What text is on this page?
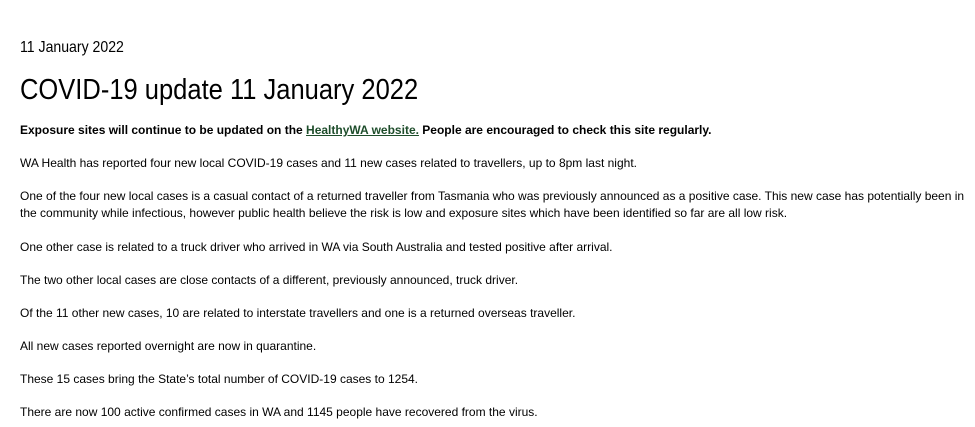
11 January 2022
COVID-19 update 11 January 2022

Exposure sites will continue to be updated on the HealthyWA website. People are encouraged to check this site regularly.

WA Health has reported four new local COVID-19 cases and 11 new cases related to travellers, up to 8pm last night.

One of the four new local cases is a casual contact of a returned traveller from Tasmania who was previously announced as a positive case. This new case has potentially been in the community while infectious, however public health believe the risk is low and exposure sites which have been identified so far are all low risk.

One other case is related to a truck driver who arrived in WA via South Australia and tested positive after arrival.

The two other local cases are close contacts of a different, previously announced, truck driver.

Of the 11 other new cases, 10 are related to interstate travellers and one is a returned overseas traveller.

All new cases reported overnight are now in quarantine.

These 15 cases bring the State’s total number of COVID-19 cases to 1254.

There are now 100 active confirmed cases in WA and 1145 people have recovered from the virus.
